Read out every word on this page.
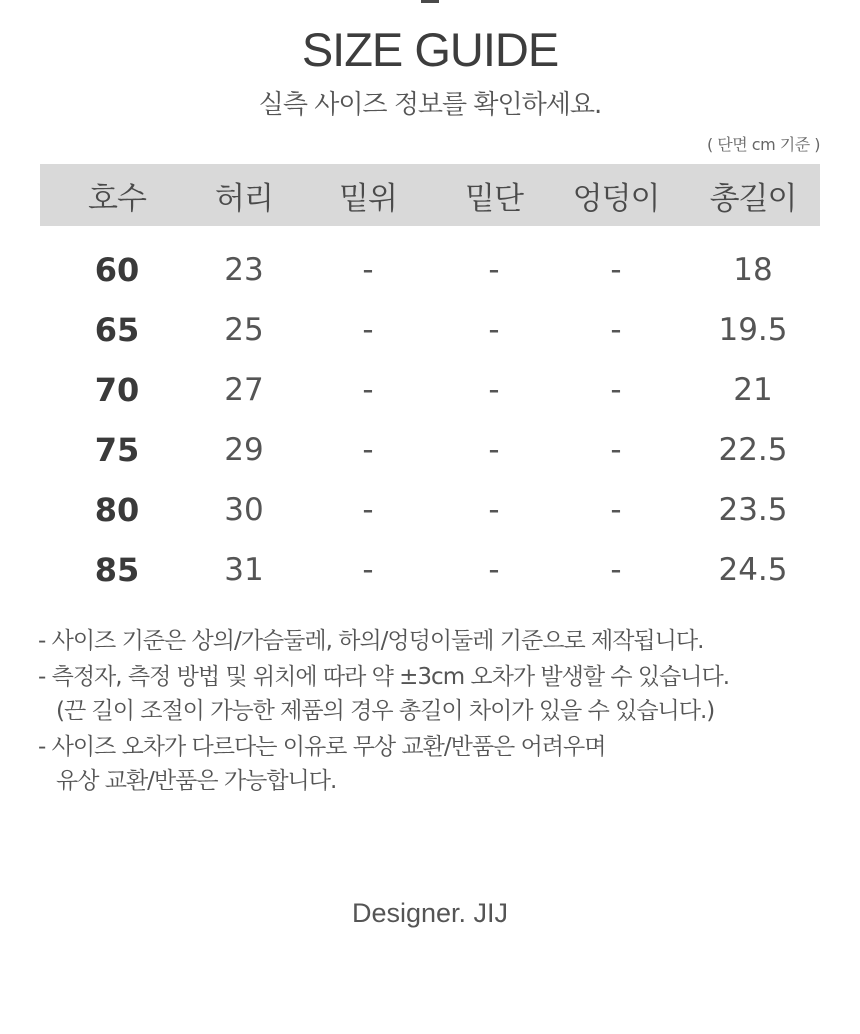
SIZE GUIDE
실측 사이즈 정보를 확인하세요.
( 단면 cm 기준 )
호수	허리	밑위	밑단	엉덩이	총길이
60	23	-	-	-	18
65	25	-	-	-	19.5
70	27	-	-	-	21
75	29	-	-	-	22.5
80	30	-	-	-	23.5
85	31	-	-	-	24.5
- 사이즈 기준은 상의/가슴둘레, 하의/엉덩이둘레 기준으로 제작됩니다.
- 측정자, 측정 방법 및 위치에 따라 약 ±3cm 오차가 발생할 수 있습니다.
(끈 길이 조절이 가능한 제품의 경우 총길이 차이가 있을 수 있습니다.)
- 사이즈 오차가 다르다는 이유로 무상 교환/반품은 어려우며
유상 교환/반품은 가능합니다.
Designer. JIJ
